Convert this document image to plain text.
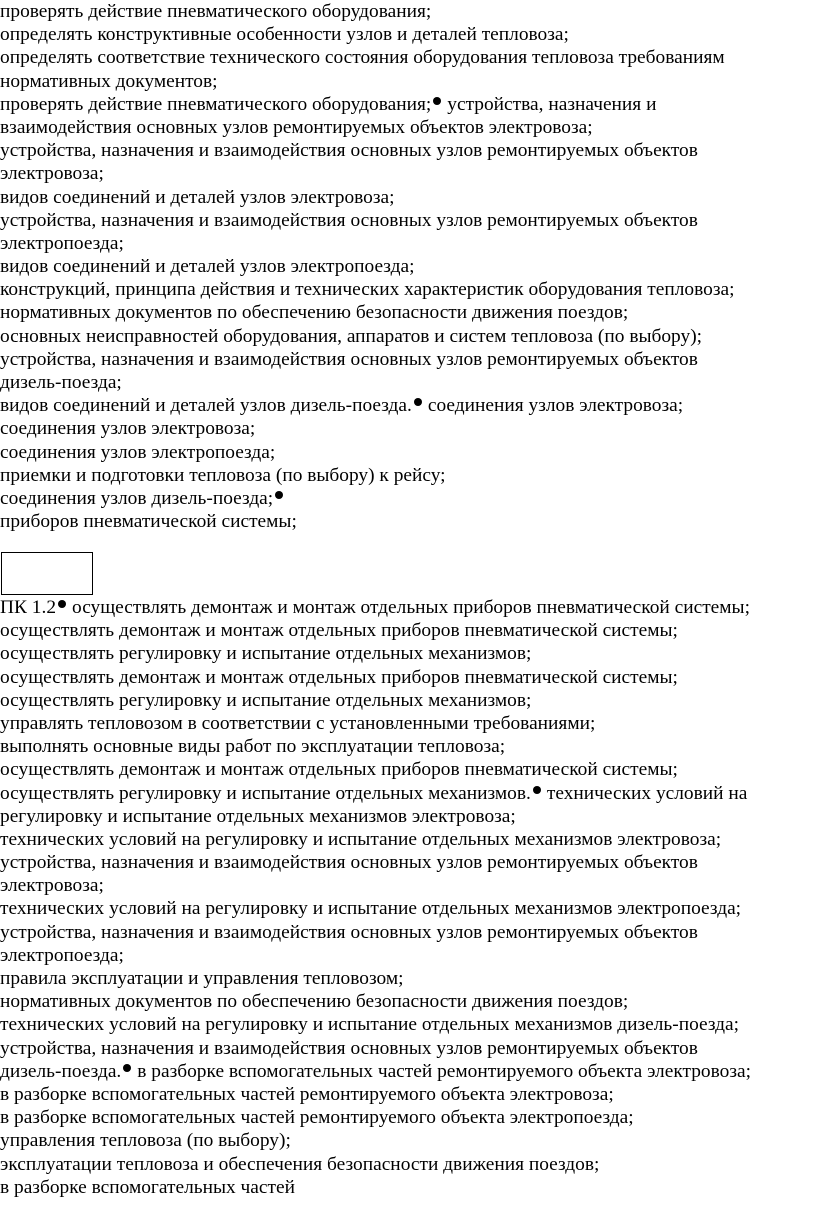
проверять действие пневматического оборудования;
определять конструктивные особенности узлов и деталей тепловоза;
определять соответствие технического состояния оборудования тепловоза требованиям
нормативных документов;
проверять действие пневматического оборудования; устройства, назначения и
взаимодействия основных узлов ремонтируемых объектов электровоза;
устройства, назначения и взаимодействия основных узлов ремонтируемых объектов
электровоза;
видов соединений и деталей узлов электровоза;
устройства, назначения и взаимодействия основных узлов ремонтируемых объектов
электропоезда;
видов соединений и деталей узлов электропоезда;
конструкций, принципа действия и технических характеристик оборудования тепловоза;
нормативных документов по обеспечению безопасности движения поездов;
основных неисправностей оборудования, аппаратов и систем тепловоза (по выбору);
устройства, назначения и взаимодействия основных узлов ремонтируемых объектов
дизель-поезда;
видов соединений и деталей узлов дизель-поезда. соединения узлов электровоза;
соединения узлов электровоза;
соединения узлов электропоезда;
приемки и подготовки тепловоза (по выбору) к рейсу;
соединения узлов дизель-поезда;
приборов пневматической системы;
ПК 1.2 осуществлять демонтаж и монтаж отдельных приборов пневматической системы;
осуществлять демонтаж и монтаж отдельных приборов пневматической системы;
осуществлять регулировку и испытание отдельных механизмов;
осуществлять демонтаж и монтаж отдельных приборов пневматической системы;
осуществлять регулировку и испытание отдельных механизмов;
управлять тепловозом в соответствии с установленными требованиями;
выполнять основные виды работ по эксплуатации тепловоза;
осуществлять демонтаж и монтаж отдельных приборов пневматической системы;
осуществлять регулировку и испытание отдельных механизмов. технических условий на
регулировку и испытание отдельных механизмов электровоза;
технических условий на регулировку и испытание отдельных механизмов электровоза;
устройства, назначения и взаимодействия основных узлов ремонтируемых объектов
электровоза;
технических условий на регулировку и испытание отдельных механизмов электропоезда;
устройства, назначения и взаимодействия основных узлов ремонтируемых объектов
электропоезда;
правила эксплуатации и управления тепловозом;
нормативных документов по обеспечению безопасности движения поездов;
технических условий на регулировку и испытание отдельных механизмов дизель-поезда;
устройства, назначения и взаимодействия основных узлов ремонтируемых объектов
дизель-поезда. в разборке вспомогательных частей ремонтируемого объекта электровоза;
в разборке вспомогательных частей ремонтируемого объекта электровоза;
в разборке вспомогательных частей ремонтируемого объекта электропоезда;
управления тепловоза (по выбору);
эксплуатации тепловоза и обеспечения безопасности движения поездов;
в разборке вспомогательных частей
